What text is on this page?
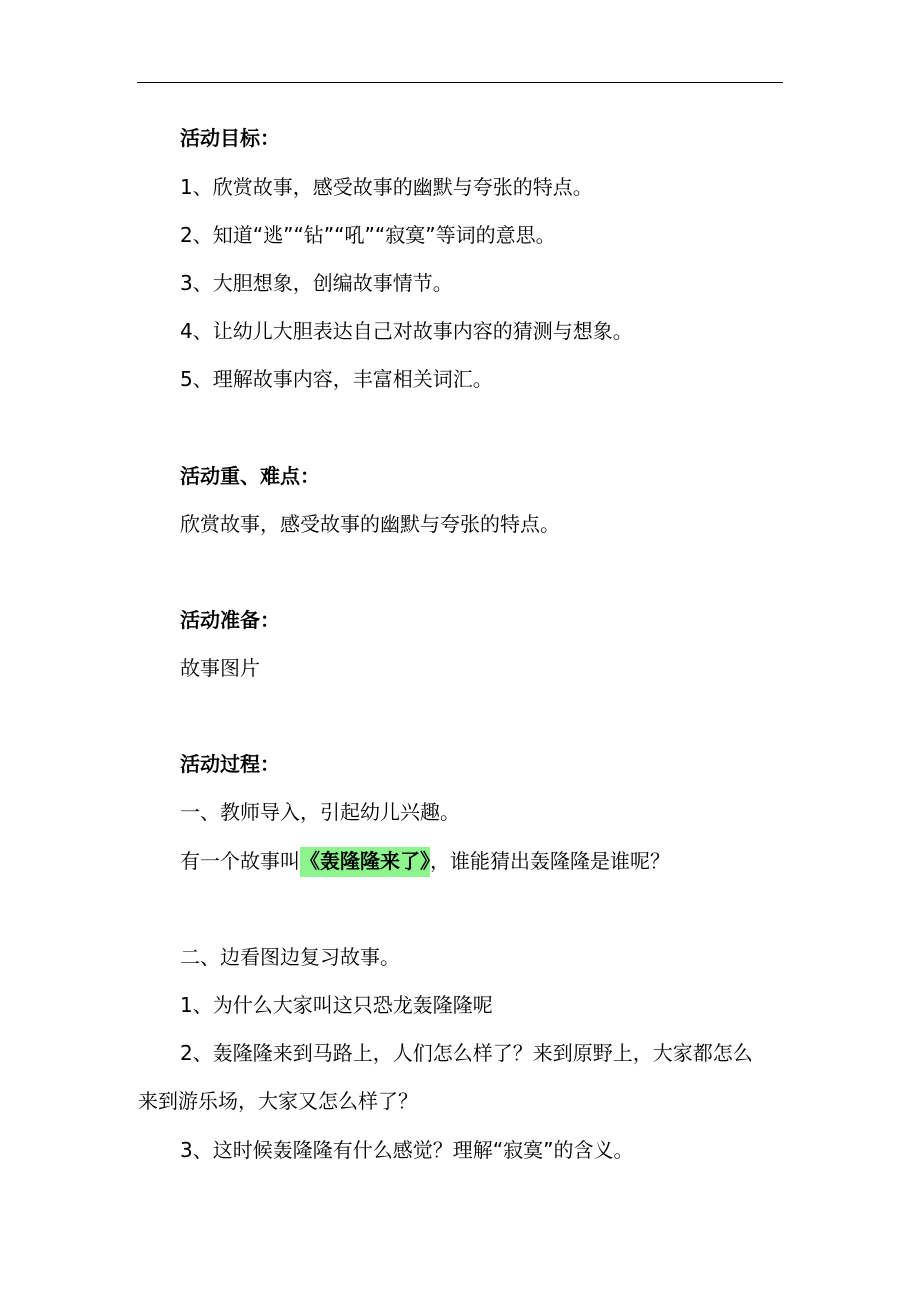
活动目标：
1、欣赏故事，感受故事的幽默与夸张的特点。
2、知道“逃”“钻”“吼”“寂寞”等词的意思。
3、大胆想象，创编故事情节。
4、让幼儿大胆表达自己对故事内容的猜测与想象。
5、理解故事内容，丰富相关词汇。
活动重、难点：
欣赏故事，感受故事的幽默与夸张的特点。
活动准备：
故事图片
活动过程：
一、教师导入，引起幼儿兴趣。
有一个故事叫《轰隆隆来了》，谁能猜出轰隆隆是谁呢？
二、边看图边复习故事。
1、为什么大家叫这只恐龙轰隆隆呢
2、轰隆隆来到马路上，人们怎么样了？来到原野上，大家都怎么
来到游乐场，大家又怎么样了？
3、这时候轰隆隆有什么感觉？理解“寂寞”的含义。
